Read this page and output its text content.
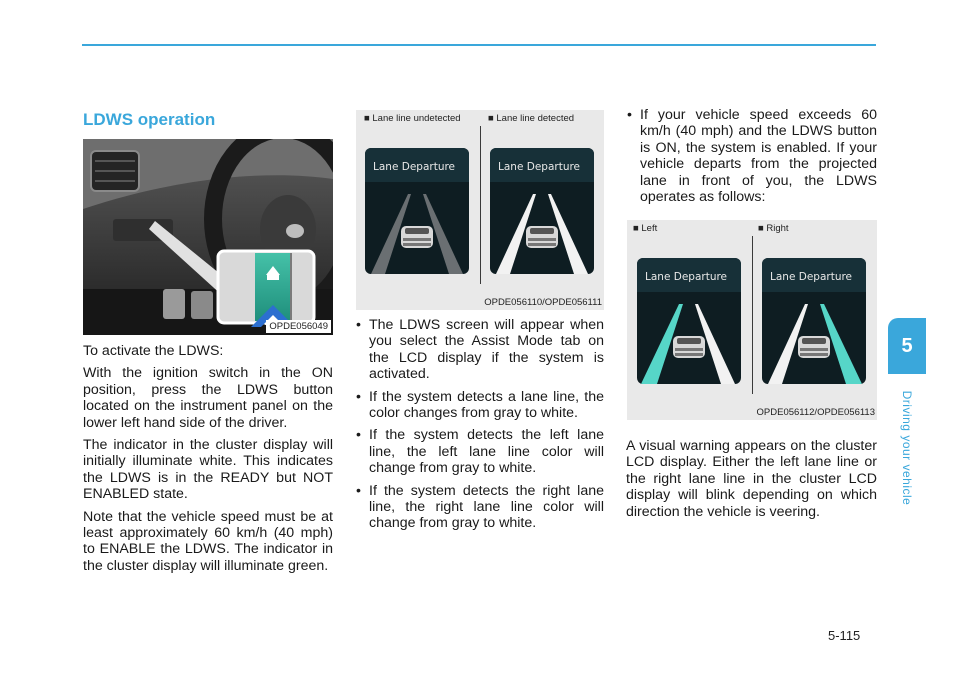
LDWS operation
OPDE056049

To activate the LDWS:

With the ignition switch in the ON position, press the LDWS button located on the instrument panel on the lower left hand side of the driver.

The indicator in the cluster display will initially illuminate white. This indicates the LDWS is in the READY but NOT ENABLED state.

Note that the vehicle speed must be at least approximately 60 km/h (40 mph) to ENABLE the LDWS. The indicator in the cluster display will illuminate green.

■ Lane line undetected	■ Lane line detected
Lane Departure	Lane Departure
OPDE056110/OPDE056111
• The LDWS screen will appear when you select the Assist Mode tab on the LCD display if the system is activated.
• If the system detects a lane line, the color changes from gray to white.
• If the system detects the left lane line, the left lane line color will change from gray to white.
• If the system detects the right lane line, the right lane line color will change from gray to white.
• If your vehicle speed exceeds 60 km/h (40 mph) and the LDWS button is ON, the system is enabled. If your vehicle departs from the projected lane in front of you, the LDWS operates as follows:

A visual warning appears on the cluster LCD display. Either the left lane line or the right lane line in the cluster LCD display will blink depending on which direction the vehicle is veering.

■ Left	■ Right
Lane Departure	Lane Departure
OPDE056112/OPDE056113
5
Driving your vehicle
5-115
